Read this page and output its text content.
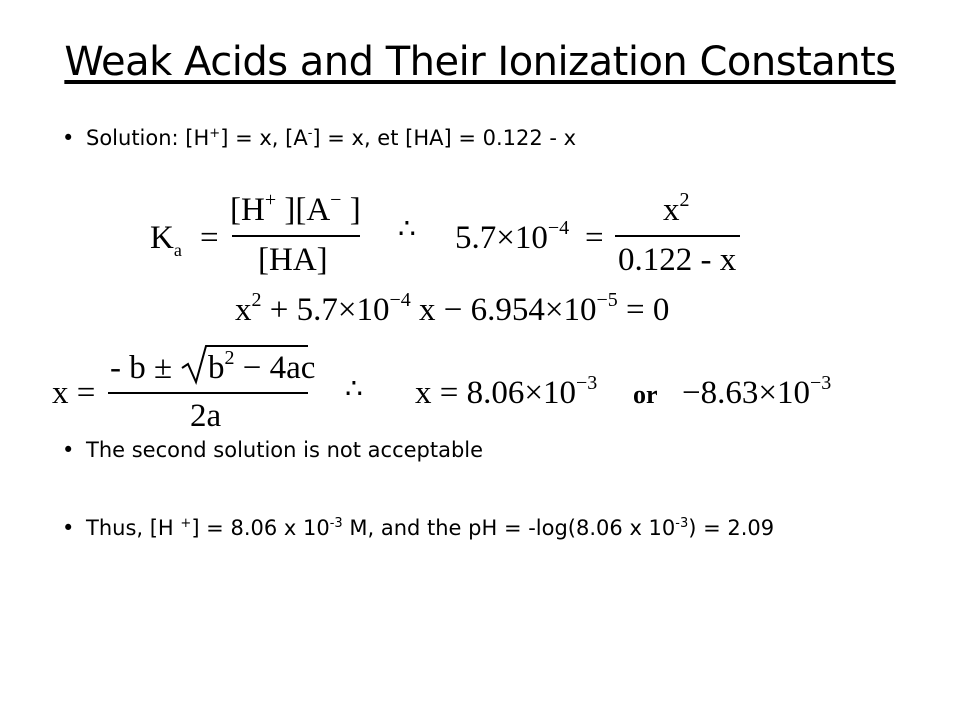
Weak Acids and Their Ionization Constants
• Solution: [H+] = x, [A-] = x, et [HA] = 0.122 - x
$K_a$ =
[H+ ][A− ]
[HA]
∴ $5.7\times 10^{-4}$ =
$x^2$
0.122 - x
$x^2 + 5.7\times 10^{-4}$ $x - 6.954\times 10^{-5} = 0$
x =
- $b \pm b^2 - 4ac$
2a
∴ $x = 8.06\times 10^{-3}$ or $-8.63\times 10^{-3}$
• The second solution is not acceptable
• Thus, [H +] = 8.06 x $10^{-3}$ M, and the pH = -log(8.06 x $10^{-3}) = 2.09$
